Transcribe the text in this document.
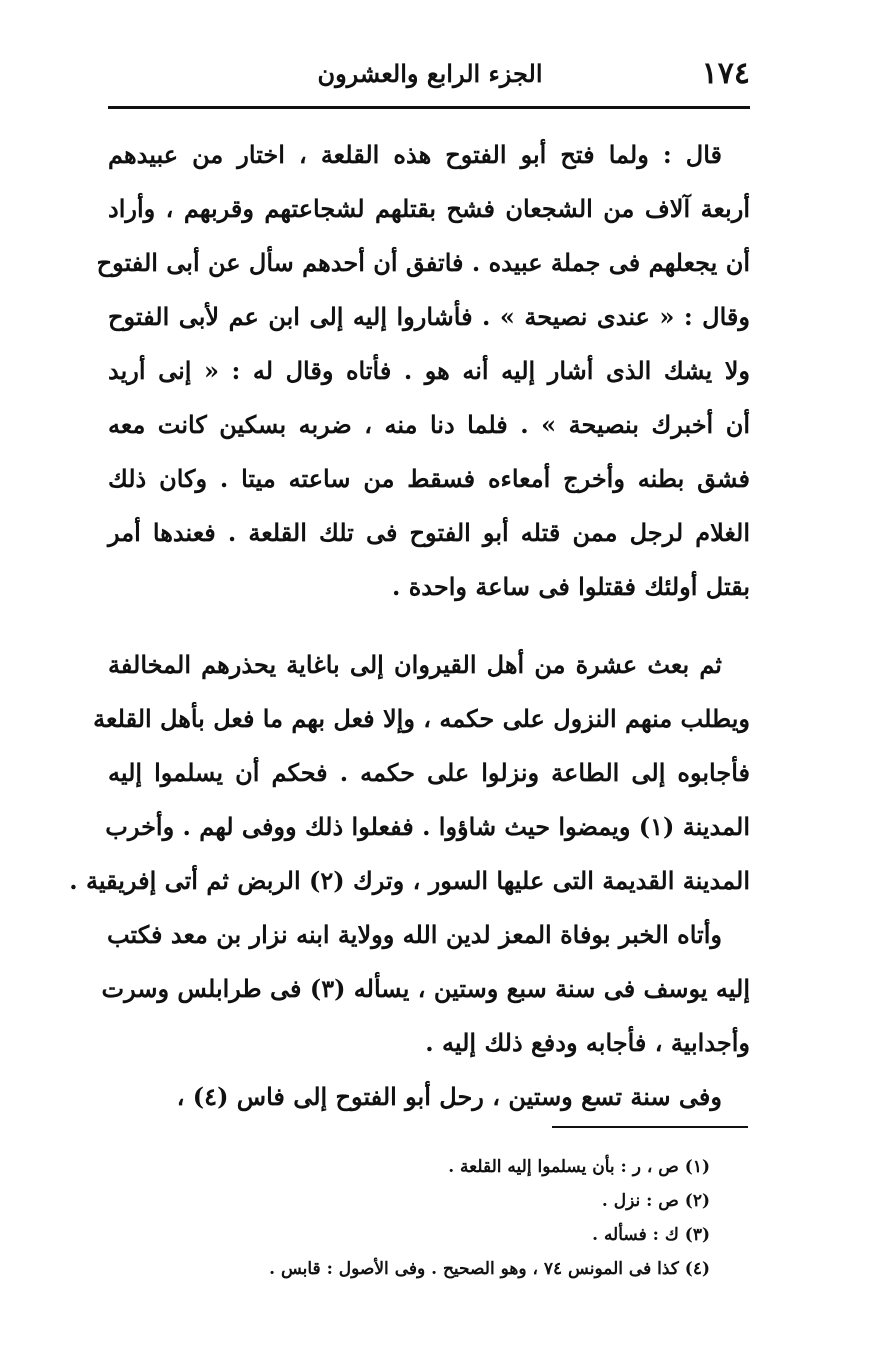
١٧٤
الجزء الرابع والعشرون
قال : ولما فتح أبو الفتوح هذه القلعة ، اختار من عبيدهم
أربعة آلاف من الشجعان فشح بقتلهم لشجاعتهم وقربهم ، وأراد
أن يجعلهم فى جملة عبيده . فاتفق أن أحدهم سأل عن أبى الفتوح
وقال : « عندى نصيحة » . فأشاروا إليه إلى ابن عم لأبى الفتوح
ولا يشك الذى أشار إليه أنه هو . فأتاه وقال له : « إنى أريد
أن أخبرك بنصيحة » . فلما دنا منه ، ضربه بسكين كانت معه
فشق بطنه وأخرج أمعاءه فسقط من ساعته ميتا . وكان ذلك
الغلام لرجل ممن قتله أبو الفتوح فى تلك القلعة . فعندها أمر
بقتل أولئك فقتلوا فى ساعة واحدة .
ثم بعث عشرة من أهل القيروان إلى باغاية يحذرهم المخالفة
ويطلب منهم النزول على حكمه ، وإلا فعل بهم ما فعل بأهل القلعة
فأجابوه إلى الطاعة ونزلوا على حكمه . فحكم أن يسلموا إليه
المدينة (١) ويمضوا حيث شاؤوا . ففعلوا ذلك ووفى لهم . وأخرب
المدينة القديمة التى عليها السور ، وترك (٢) الربض ثم أتى إفريقية .
وأتاه الخبر بوفاة المعز لدين الله وولاية ابنه نزار بن معد فكتب
إليه يوسف فى سنة سبع وستين ، يسأله (٣) فى طرابلس وسرت
وأجدابية ، فأجابه ودفع ذلك إليه .
وفى سنة تسع وستين ، رحل أبو الفتوح إلى فاس (٤) ،
(١) ص ، ر : بأن يسلموا إليه القلعة .
(٢) ص : نزل .
(٣) ك : فسأله .
(٤) كذا فى المونس ٧٤ ، وهو الصحيح . وفى الأصول : قابس .
